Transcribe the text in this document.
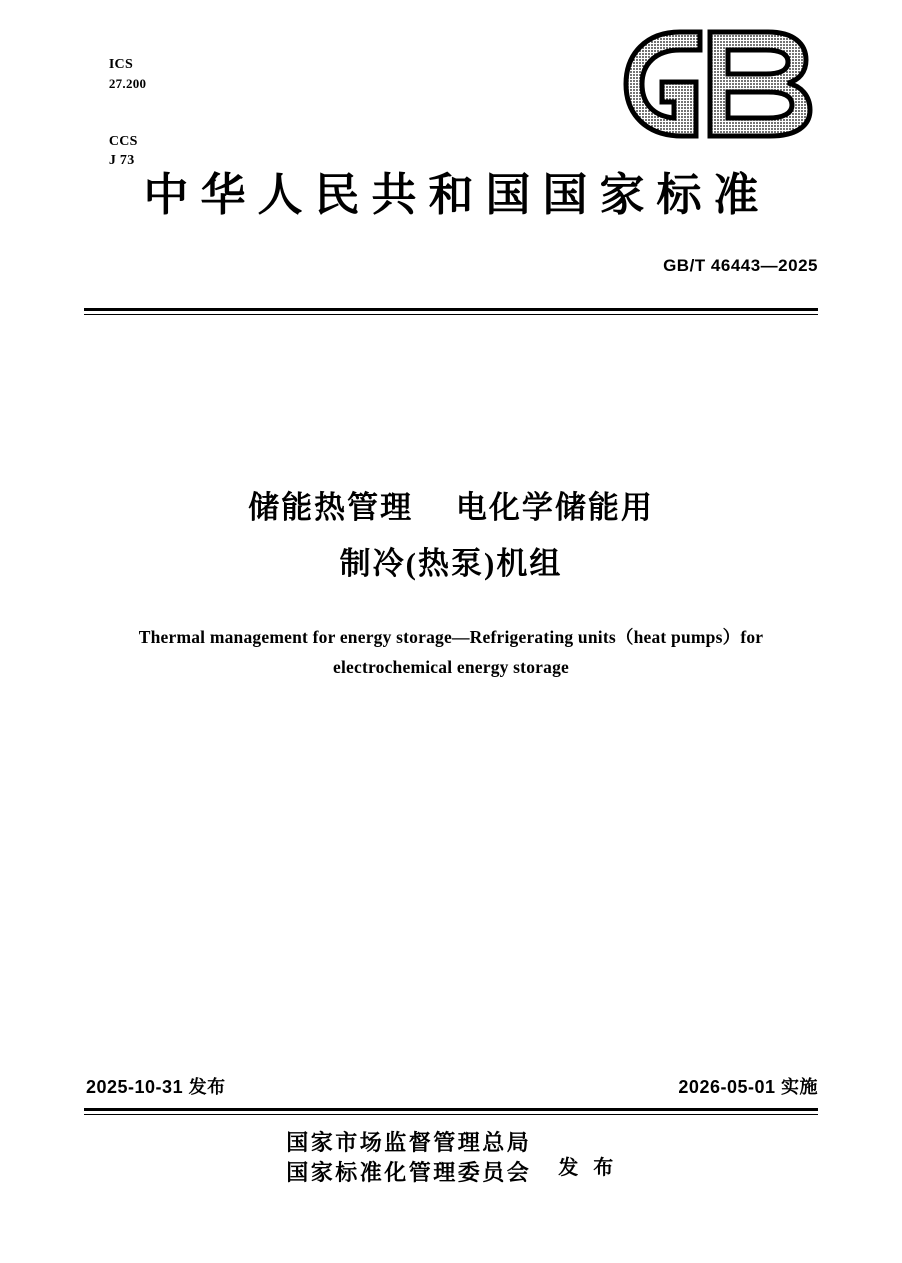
ICS
27.200

CCS
J 73

中华人民共和国国家标准
GB/T 46443—2025
储能热管理　 电化学储能用
制冷(热泵)机组
Thermal management for energy storage—Refrigerating units（heat pumps）for
electrochemical energy storage
2025-10-31 发布	2026-05-01 实施
国家市场监督管理总局
国家标准化管理委员会 发 布
